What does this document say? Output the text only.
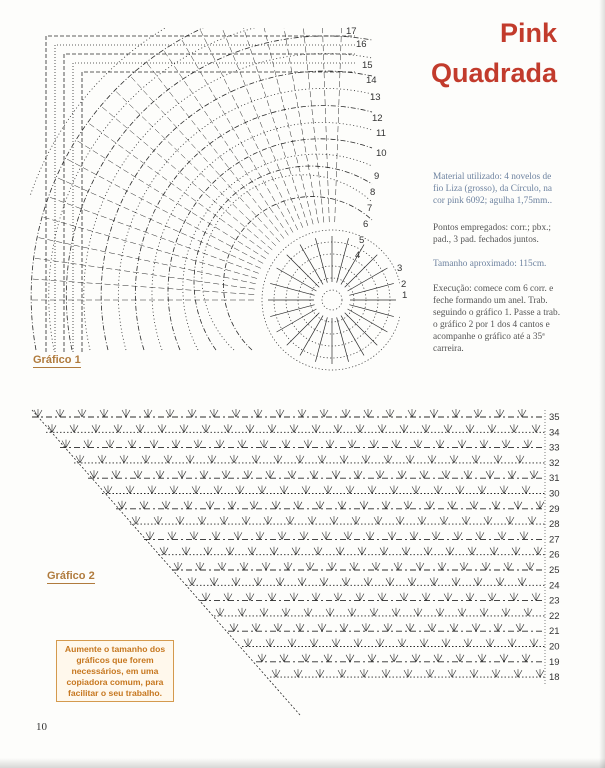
Pink
Quadrada
17
16
15
14
13
12
11
10
9
8
7
6
5
4
3
2
1
35
34
33
32
31
30
29
28
27
26
25
24
23
22
21
20
19
18
Material utilizado: 4 novelos de fio Liza (grosso), da Círculo, na cor pink 6092; agulha 1,75mm..
Pontos empregados: corr.; pbx.; pad., 3 pad. fechados juntos.
Tamanho aproximado: 115cm.
Execução: comece com 6 corr. e feche formando um anel. Trab. seguindo o gráfico 1. Passe a trab. o gráfico 2 por 1 dos 4 cantos e acompanhe o gráfico até a 35ª carreira.
Gráfico 1
Gráfico 2
Aumente o tamanho dos gráficos que forem necessários, em uma copiadora comum, para facilitar o seu trabalho.
10
